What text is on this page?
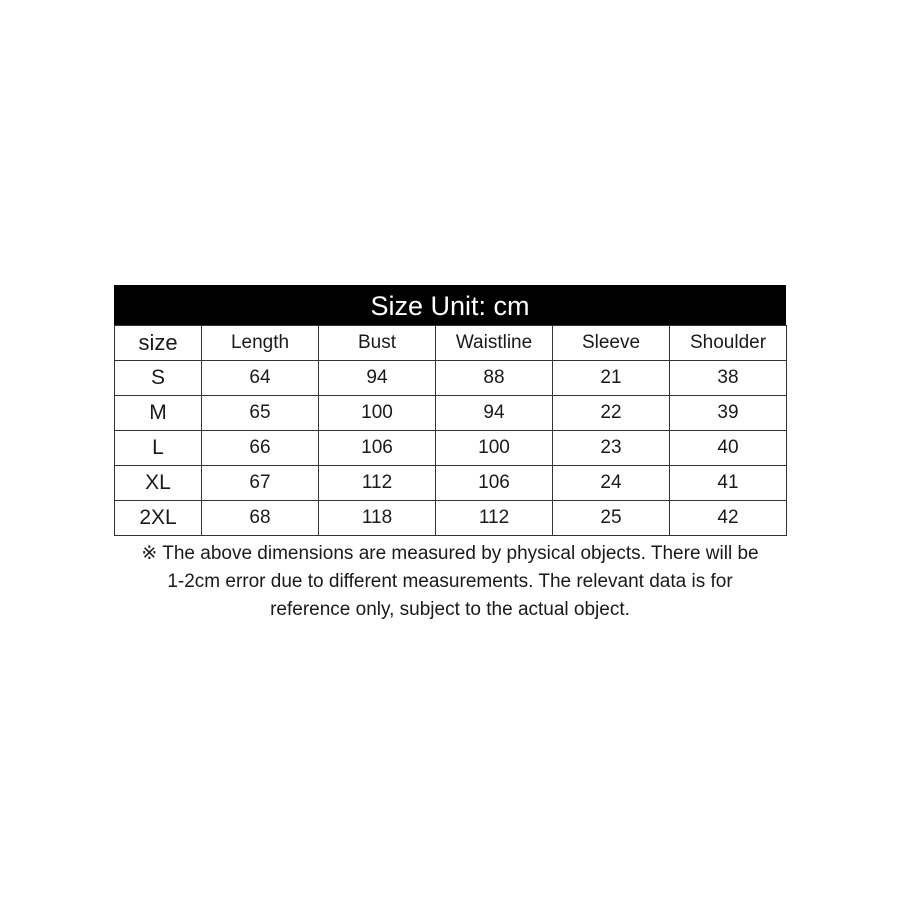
Size Unit: cm
size	Length	Bust	Waistline	Sleeve	Shoulder
S	64	94	88	21	38
M	65	100	94	22	39
L	66	106	100	23	40
XL	67	112	106	24	41
2XL	68	118	112	25	42
※ The above dimensions are measured by physical objects. There will be
1-2cm error due to different measurements. The relevant data is for
reference only, subject to the actual object.
